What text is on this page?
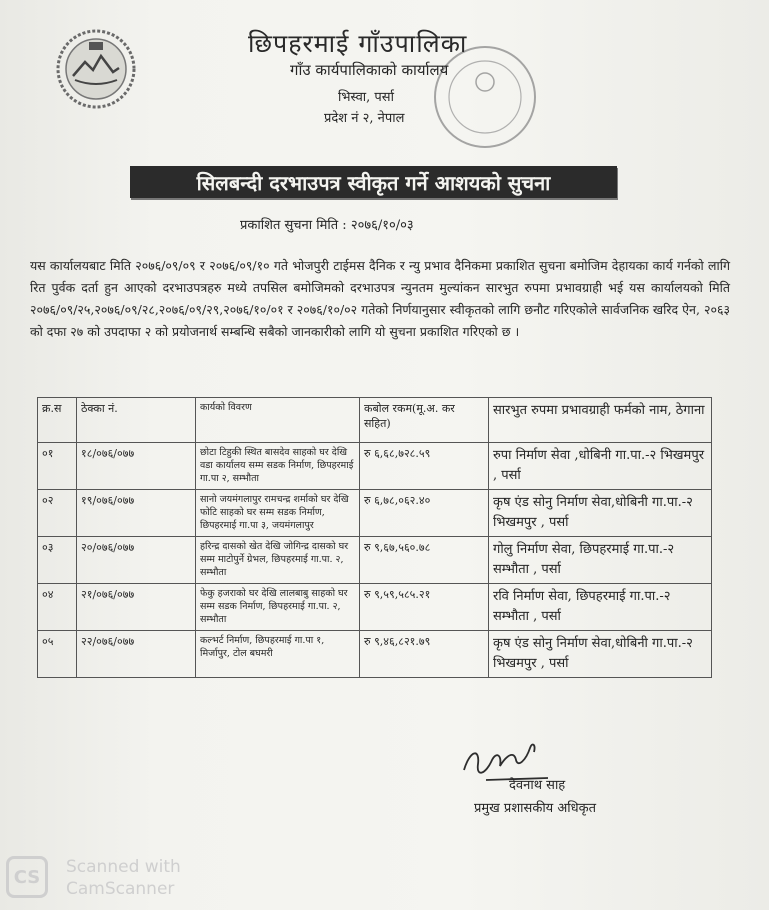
छिपहरमाई गाँउपालिका
गाँउ कार्यपालिकाको कार्यालय
भिस्वा, पर्सा
प्रदेश नं २, नेपाल
सिलबन्दी दरभाउपत्र स्वीकृत गर्ने आशयको सुचना
प्रकाशित सुचना मिति : २०७६/१०/०३
यस कार्यालयबाट मिति २०७६/०९/०९ र २०७६/०९/१० गते भोजपुरी टाईमस दैनिक र न्यु प्रभाव दैनिकमा प्रकाशित सुचना बमोजिम देहायका कार्य गर्नको लागि रित पुर्वक दर्ता हुन आएको दरभाउपत्रहरु मध्ये तपसिल बमोजिमको दरभाउपत्र न्युनतम मुल्यांकन सारभुत रुपमा प्रभावग्राही भई यस कार्यालयको मिति २०७६/०९/२५,२०७६/०९/२८,२०७६/०९/२९,२०७६/१०/०१ र २०७६/१०/०२ गतेको निर्णयानुसार स्वीकृतको लागि छनौट गरिएकोले सार्वजनिक खरिद ऐन, २०६३ को दफा २७ को उपदाफा २ को प्रयोजनार्थ सम्बन्धि सबैको जानकारीको लागि यो सुचना प्रकाशित गरिएको छ ।
क्र.स	ठेक्का नं.	कार्यको विवरण	कबोल रकम(मू.अ. कर सहित)	सारभुत रुपमा प्रभावग्राही फर्मको नाम, ठेगाना
०१	१८/०७६/०७७	छोटा टिहुकी स्थित बासदेव साहको घर देखि वडा कार्यालय सम्म सडक निर्माण, छिपहरमाई गा.पा २, सम्भौता	रु ६,६८,७२८.५९	रुपा निर्माण सेवा ,धोबिनी गा.पा.-२ भिखमपुर , पर्सा
०२	१९/०७६/०७७	सानो जयमंगलापुर रामचन्द्र शर्माको घर देखि फोटि साहको घर सम्म सडक निर्माण, छिपहरमाई गा.पा ३, जयमंगलापुर	रु ६,७८,०६२.४०	कृष एंड सोनु निर्माण सेवा,धोबिनी गा.पा.-२ भिखमपुर , पर्सा
०३	२०/०७६/०७७	हरिन्द्र दासको खेत देखि जोगिन्द्र दासको घर सम्म माटोपुर्ने ग्रेभल, छिपहरमाई गा.पा. २, सम्भौता	रु ९,६७,५६०.७८	गोलु निर्माण सेवा, छिपहरमाई गा.पा.-२ सम्भौता , पर्सा
०४	२१/०७६/०७७	फेकु हजराको घर देखि लालबाबु साहको घर सम्म सडक निर्माण, छिपहरमाई गा.पा. २, सम्भौता	रु ९,५९,५८५.२१	रवि निर्माण सेवा, छिपहरमाई गा.पा.-२ सम्भौता , पर्सा
०५	२२/०७६/०७७	कल्भर्ट निर्माण, छिपहरमाई गा.पा १, मिर्जापुर, टोल बघमरी	रु ९,४६,८२१.७९	कृष एंड सोनु निर्माण सेवा,धोबिनी गा.पा.-२ भिखमपुर , पर्सा
देवनाथ साह
प्रमुख प्रशासकीय अधिकृत
CS	Scanned with
CamScanner
